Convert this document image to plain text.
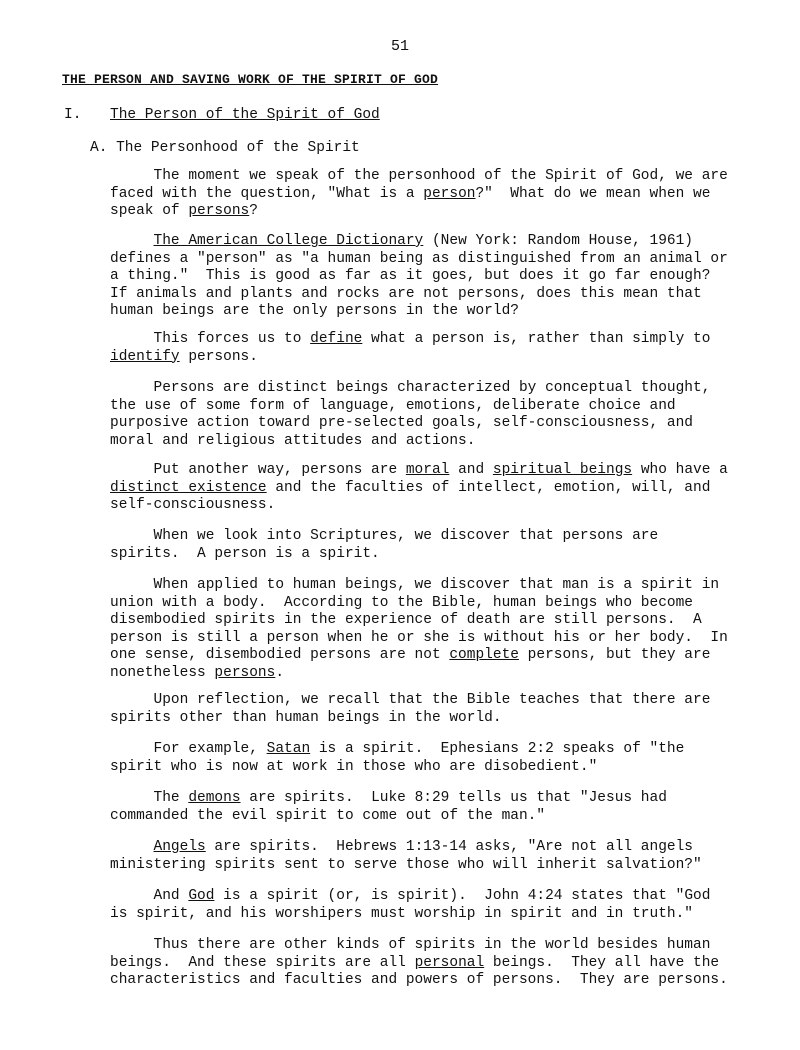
51
THE PERSON AND SAVING WORK OF THE SPIRIT OF GOD
I. The Person of the Spirit of God
A. The Personhood of the Spirit

The moment we speak of the personhood of the Spirit of God, we are
faced with the question, "What is a person?"  What do we mean when we
speak of persons?

The American College Dictionary (New York: Random House, 1961)
defines a "person" as "a human being as distinguished from an animal or
a thing."  This is good as far as it goes, but does it go far enough?
If animals and plants and rocks are not persons, does this mean that
human beings are the only persons in the world?

This forces us to define what a person is, rather than simply to
identify persons.

Persons are distinct beings characterized by conceptual thought,
the use of some form of language, emotions, deliberate choice and
purposive action toward pre-selected goals, self-consciousness, and
moral and religious attitudes and actions.

Put another way, persons are moral and spiritual beings who have a
distinct existence and the faculties of intellect, emotion, will, and
self-consciousness.

When we look into Scriptures, we discover that persons are
spirits.  A person is a spirit.

When applied to human beings, we discover that man is a spirit in
union with a body.  According to the Bible, human beings who become
disembodied spirits in the experience of death are still persons.  A
person is still a person when he or she is without his or her body.  In
one sense, disembodied persons are not complete persons, but they are
nonetheless persons.

Upon reflection, we recall that the Bible teaches that there are
spirits other than human beings in the world.

For example, Satan is a spirit.  Ephesians 2:2 speaks of "the
spirit who is now at work in those who are disobedient."

The demons are spirits.  Luke 8:29 tells us that "Jesus had
commanded the evil spirit to come out of the man."

Angels are spirits.  Hebrews 1:13-14 asks, "Are not all angels
ministering spirits sent to serve those who will inherit salvation?"

And God is a spirit (or, is spirit).  John 4:24 states that "God
is spirit, and his worshipers must worship in spirit and in truth."

Thus there are other kinds of spirits in the world besides human
beings.  And these spirits are all personal beings.  They all have the
characteristics and faculties and powers of persons.  They are persons.
